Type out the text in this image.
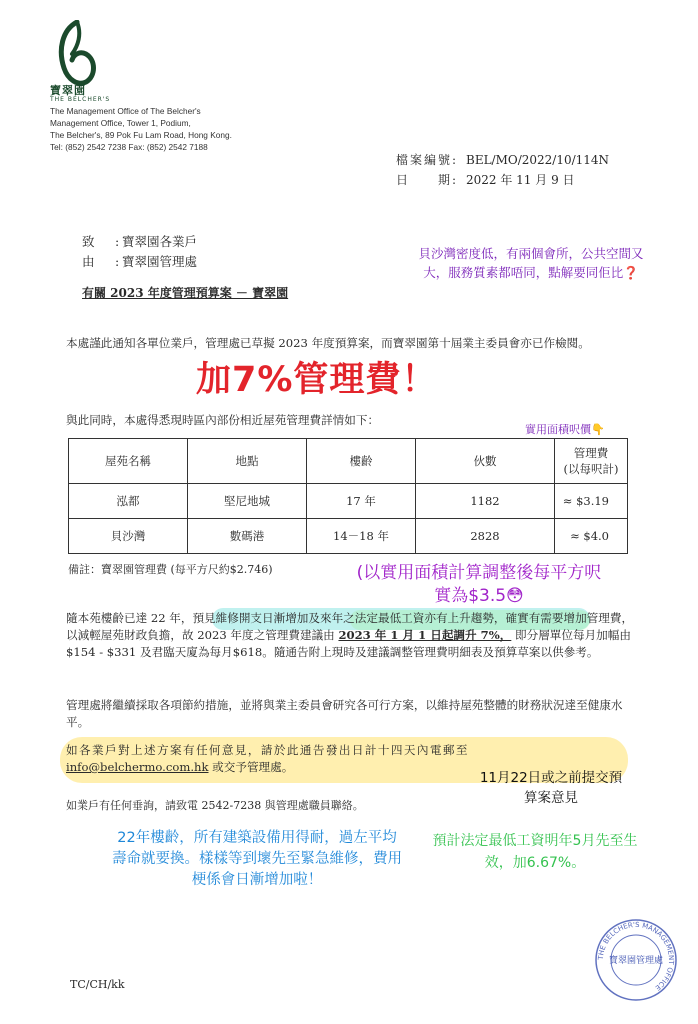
寶翠園
THE BELCHER'S
The Management Office of The Belcher's
Management Office, Tower 1, Podium,
The Belcher's, 89 Pok Fu Lam Road, Hong Kong.
Tel: (852) 2542 7238 Fax: (852) 2542 7188
檔案編號: BEL/MO/2022/10/114N
日　　期: 2022 年 11 月 9 日
致　:寶翠園各業戶
由　:寶翠園管理處
有關 2023 年度管理預算案 － 寶翠園
本處謹此通知各單位業戶，管理處已草擬 2023 年度預算案，而寶翠園第十屆業主委員會亦已作檢閱。
與此同時，本處得悉現時區內部份相近屋苑管理費詳情如下：
屋苑名稱	地點	樓齡	伙數	管理費
(以每呎計)
泓都	堅尼地城	17 年	1182	≈ $3.19
貝沙灣	數碼港	14－18 年	2828	≈ $4.0
備註：寶翠園管理費 (每平方尺約$2.746)
隨本苑樓齡已達 22 年，預見維修開支日漸增加及來年之法定最低工資亦有上升趨勢，確實有需要增加管理費，以減輕屋苑財政負擔，故 2023 年度之管理費建議由 2023 年 1 月 1 日起調升 7%， 即分層單位每月加幅由$154 - $331 及君臨天廈為每月$618。隨通告附上現時及建議調整管理費明細表及預算草案以供參考。
管理處將繼續採取各項節約措施，並將與業主委員會研究各可行方案，以維持屋苑整體的財務狀況達至健康水平。
如各業戶對上述方案有任何意見，請於此通告發出日計十四天內電郵至
info@belchermo.com.hk 或交予管理處。
如業戶有任何垂詢，請致電 2542-7238 與管理處職員聯絡。
貝沙灣密度低，有兩個會所，公共空間又大，服務質素都唔同，點解要同佢比❓
加7%管理費！
實用面積呎價👇
(以實用面積計算調整後每平方呎實為$3.5😳
11月22日或之前提交預算案意見
22年樓齡，所有建築設備用得耐，過左平均壽命就要換。樣樣等到壞先至緊急維修，費用梗係會日漸增加啦！
預計法定最低工資明年5月先至生效，加6.67%。
TC/CH/kk
THE BELCHER'S MANAGEMENT OFFICE
寶翠園管理處
